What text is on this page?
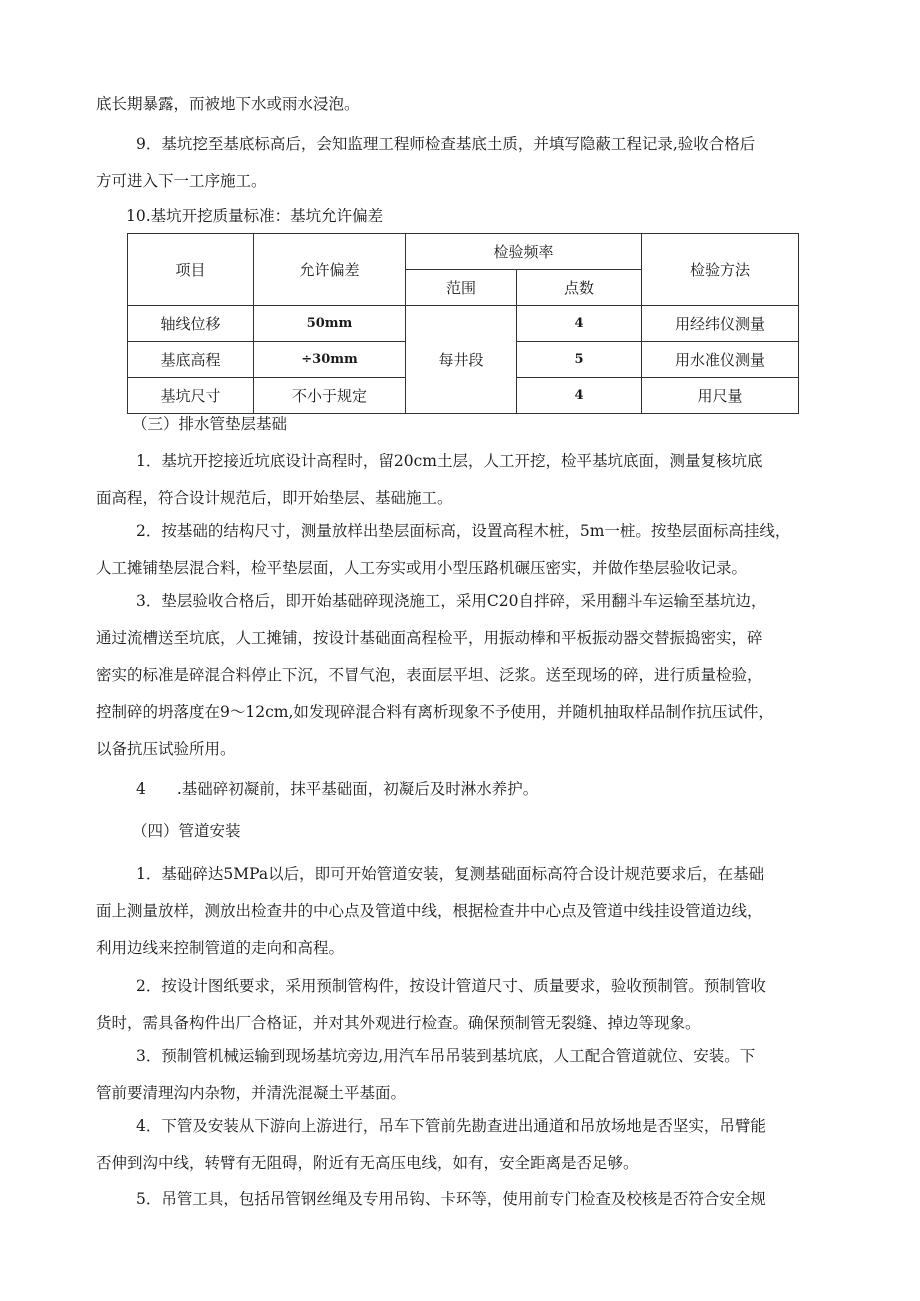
底长期暴露，而被地下水或雨水浸泡。

9．基坑挖至基底标高后，会知监理工程师检查基底土质，并填写隐蔽工程记录,验收合格后
方可进入下一工序施工。

10.基坑开挖质量标准：基坑允许偏差

项目	允许偏差	检验频率		检验方法
		范围	点数	
轴线位移	50mm	每井段	4	用经纬仪测量
基底高程	÷30mm		5	用水准仪测量
基坑尺寸	不小于规定		4	用尺量

（三）排水管垫层基础

1．基坑开挖接近坑底设计高程时，留20cm土层，人工开挖，检平基坑底面，测量复核坑底
面高程，符合设计规范后，即开始垫层、基础施工。

2．按基础的结构尺寸，测量放样出垫层面标高，设置高程木桩，5m一桩。按垫层面标高挂线，
人工摊铺垫层混合料，检平垫层面，人工夯实或用小型压路机碾压密实，并做作垫层验收记录。

3．垫层验收合格后，即开始基础碎现浇施工，采用C20自拌碎，采用翻斗车运输至基坑边，
通过流槽送至坑底，人工摊铺，按设计基础面高程检平，用振动棒和平板振动器交替振捣密实，碎
密实的标准是碎混合料停止下沉，不冒气泡，表面层平坦、泛浆。送至现场的碎，进行质量检验，
控制碎的坍落度在9～12cm,如发现碎混合料有离析现象不予使用，并随机抽取样品制作抗压试件，
以备抗压试验所用。

4　　.基础碎初凝前，抹平基础面，初凝后及时淋水养护。

（四）管道安装

1．基础碎达5MPa以后，即可开始管道安装，复测基础面标高符合设计规范要求后，在基础
面上测量放样，测放出检查井的中心点及管道中线，根据检查井中心点及管道中线挂设管道边线，
利用边线来控制管道的走向和高程。

2．按设计图纸要求，采用预制管构件，按设计管道尺寸、质量要求，验收预制管。预制管收
货时，需具备构件出厂合格证，并对其外观进行检查。确保预制管无裂缝、掉边等现象。

3．预制管机械运输到现场基坑旁边,用汽车吊吊装到基坑底，人工配合管道就位、安装。下
管前要清理沟内杂物，并清洗混凝土平基面。

4．下管及安装从下游向上游进行，吊车下管前先勘查进出通道和吊放场地是否坚实，吊臂能
否伸到沟中线，转臂有无阻碍，附近有无高压电线，如有，安全距离是否足够。

5．吊管工具，包括吊管钢丝绳及专用吊钩、卡环等，使用前专门检查及校核是否符合安全规
